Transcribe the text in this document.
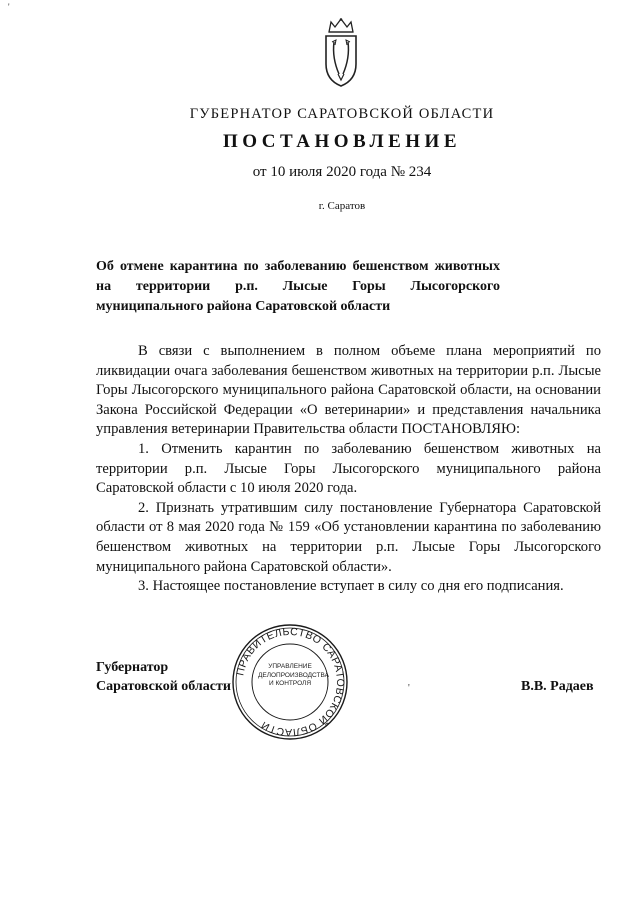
'
ГУБЕРНАТОР САРАТОВСКОЙ ОБЛАСТИ
ПОСТАНОВЛЕНИЕ
от 10 июля 2020 года № 234
г. Саратов
Об отмене карантина по заболеванию бешенством животных на территории р.п. Лысые Горы Лысогорского муниципального района Саратовской области

В связи с выполнением в полном объеме плана мероприятий по ликвидации очага заболевания бешенством животных на территории р.п. Лысые Горы Лысогорского муниципального района Саратовской области, на основании Закона Российской Федерации «О ветеринарии» и представления начальника управления ветеринарии Правительства области ПОСТАНОВЛЯЮ:

1. Отменить карантин по заболеванию бешенством животных на территории р.п. Лысые Горы Лысогорского муниципального района Саратовской области с 10 июля 2020 года.

2. Признать утратившим силу постановление Губернатора Саратовской области от 8 мая 2020 года № 159 «Об установлении карантина по заболеванию бешенством животных на территории р.п. Лысые Горы Лысогорского муниципального района Саратовской области».

3. Настоящее постановление вступает в силу со дня его подписания.

Губернатор
Саратовской области
ПРАВИТЕЛЬСТВО САРАТОВСКОЙ ОБЛАСТИ
УПРАВЛЕНИЕ
ДЕЛОПРОИЗВОДСТВА
И КОНТРОЛЯ	'	В.В. Радаев
